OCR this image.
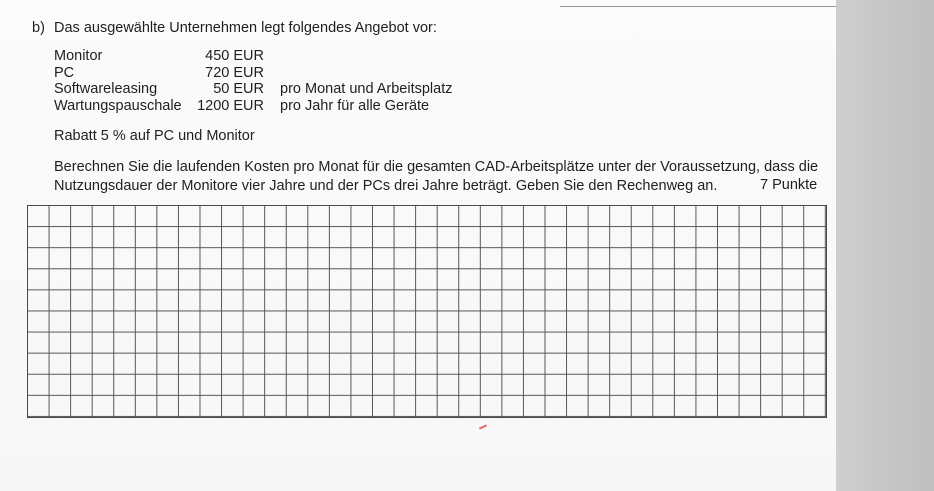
b) Das ausgewählte Unternehmen legt folgendes Angebot vor:
Monitor	450 EUR
PC	720 EUR
Softwareleasing	50 EUR pro Monat und Arbeitsplatz
Wartungspauschale	1200 EUR pro Jahr für alle Geräte
Rabatt 5 % auf PC und Monitor
Berechnen Sie die laufenden Kosten pro Monat für die gesamten CAD-Arbeitsplätze unter der Voraussetzung, dass die
Nutzungsdauer der Monitore vier Jahre und der PCs drei Jahre beträgt. Geben Sie den Rechenweg an.	7 Punkte
